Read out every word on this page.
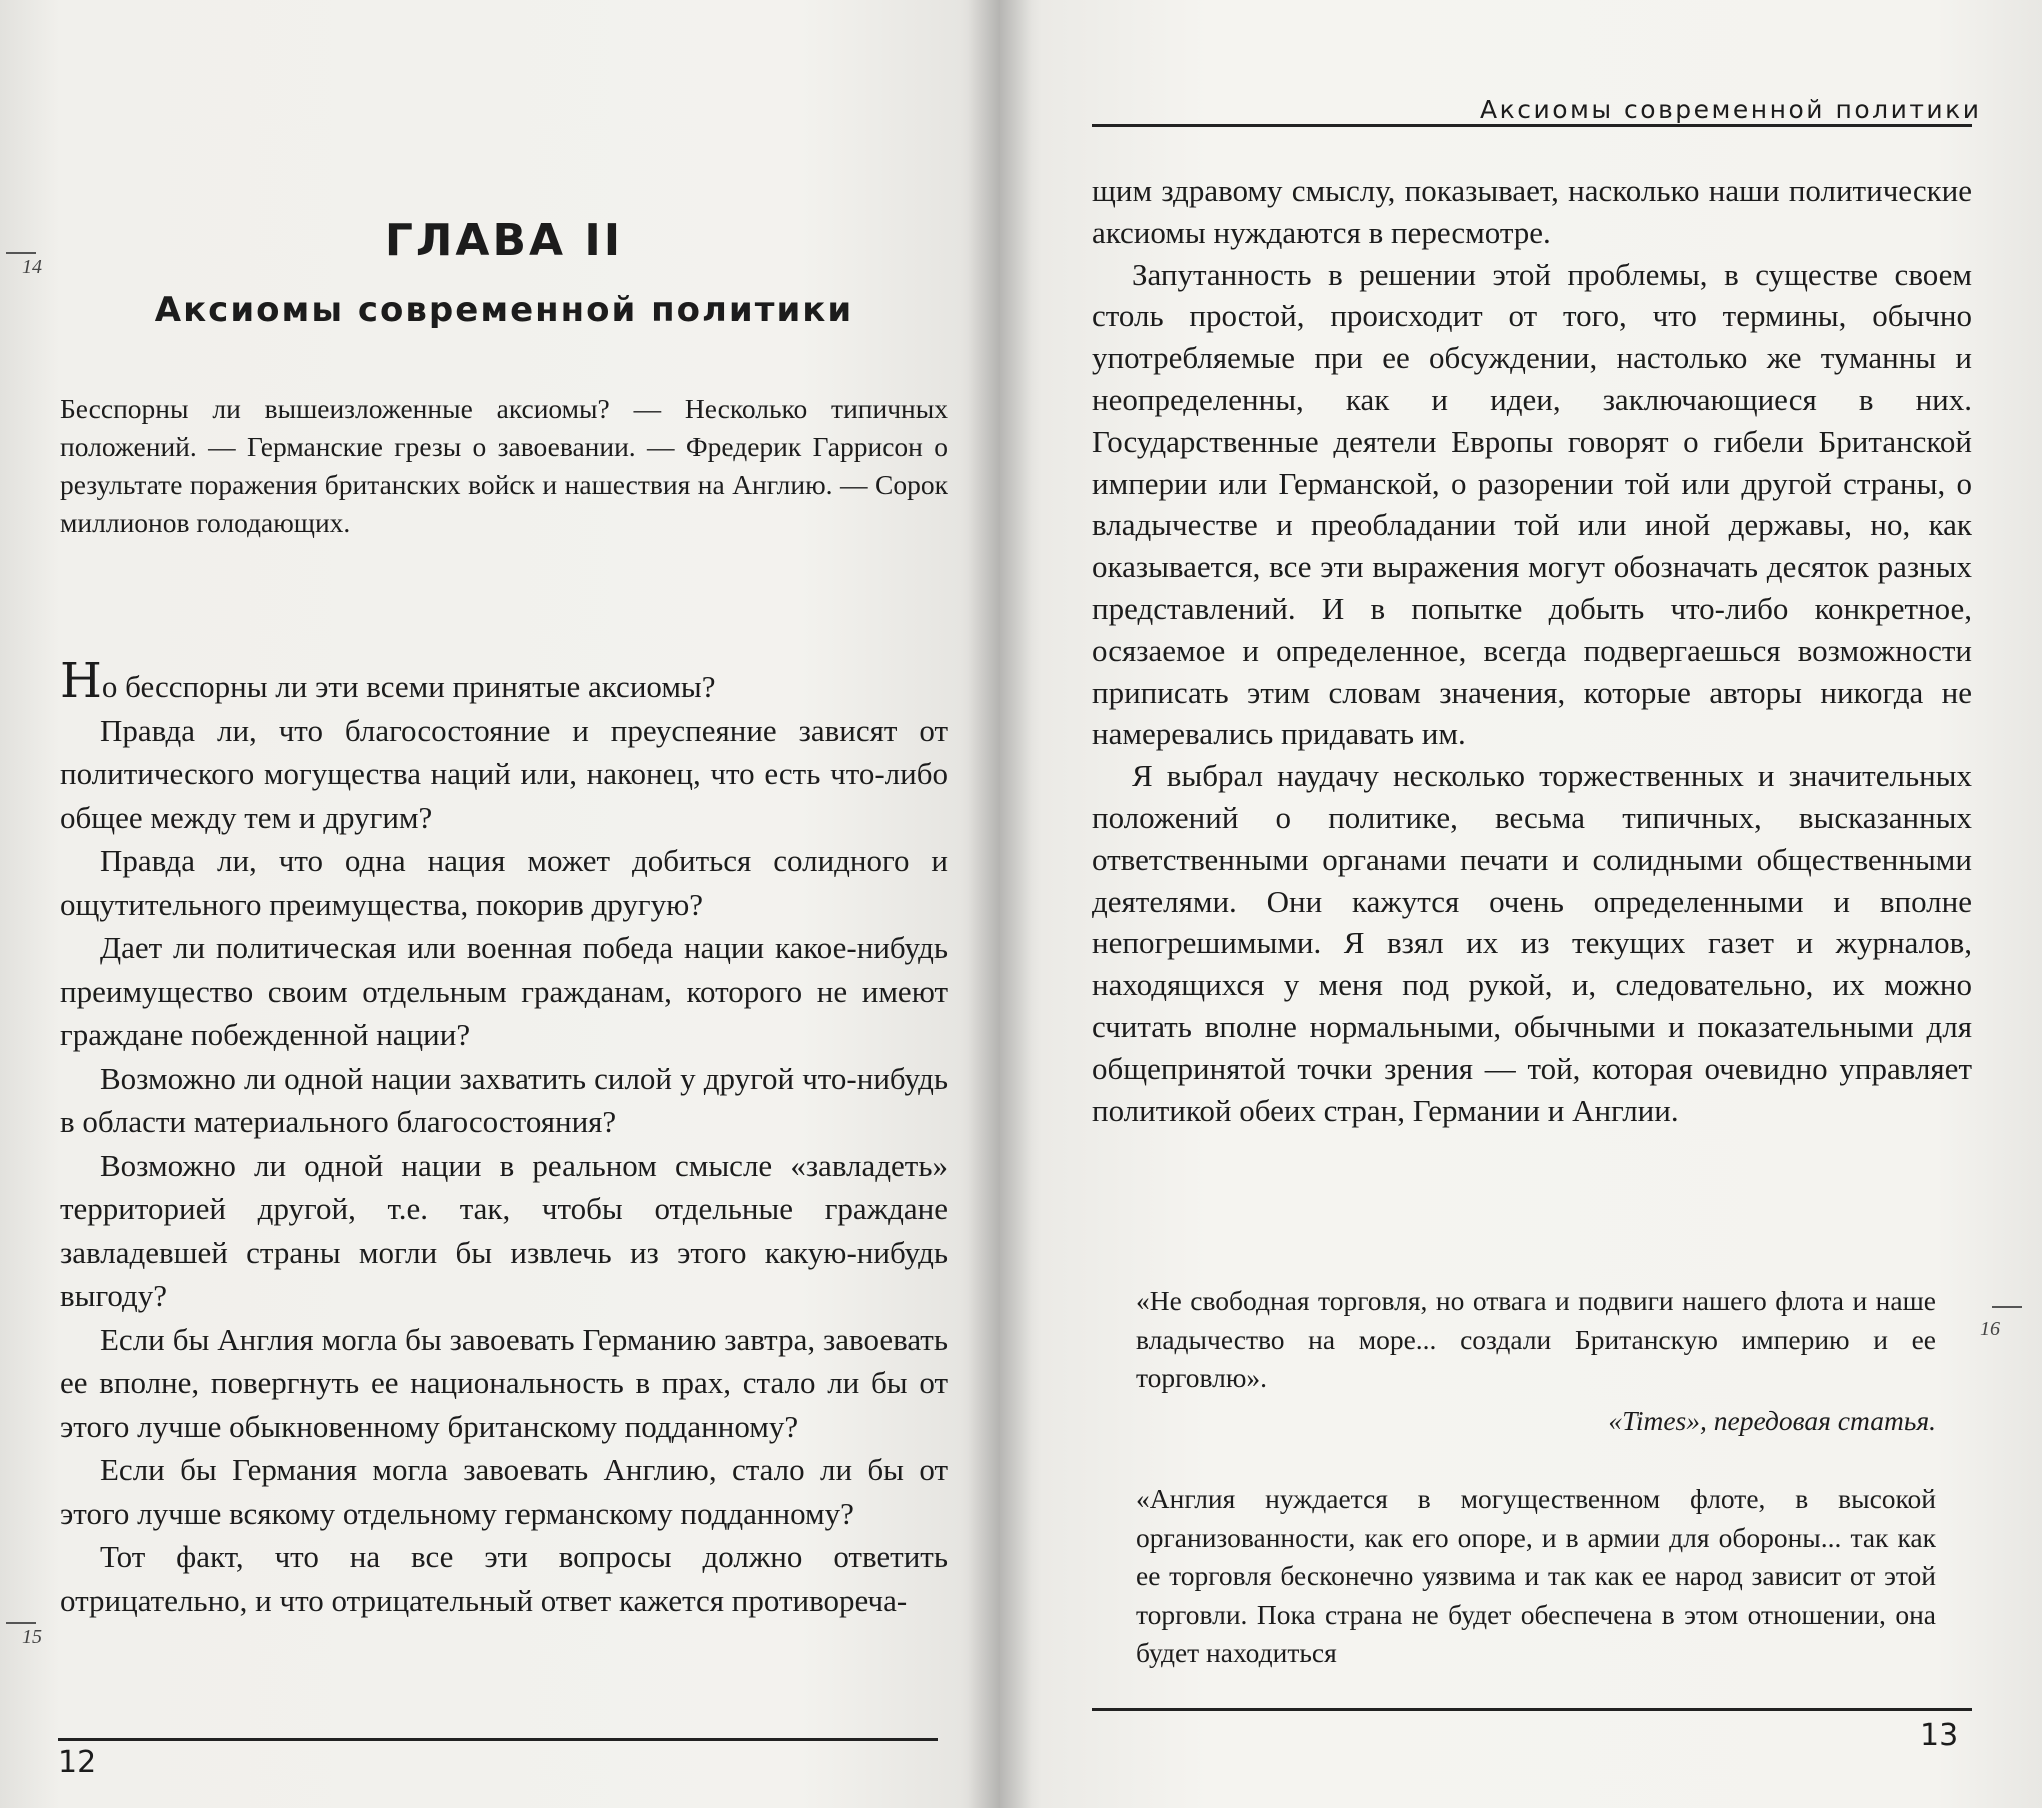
14
ГЛАВА II
Аксиомы современной политики
Бесспорны ли вышеизложенные аксиомы? — Несколько типичных положений. — Германские грезы о завоевании. — Фредерик Гаррисон о результате поражения британских войск и нашествия на Англию. — Сорок миллионов голодающих.

Но бесспорны ли эти всеми принятые аксиомы?

Правда ли, что благосостояние и преуспеяние зависят от политического могущества наций или, наконец, что есть что-либо общее между тем и другим?

Правда ли, что одна нация может добиться солидного и ощутительного преимущества, покорив другую?

Дает ли политическая или военная победа нации какое-нибудь преимущество своим отдельным гражданам, которого не имеют граждане побежденной нации?

Возможно ли одной нации захватить силой у другой что-нибудь в области материального благосостояния?

Возможно ли одной нации в реальном смысле «завладеть» территорией другой, т.е. так, чтобы отдельные граждане завладевшей страны могли бы извлечь из этого какую-нибудь выгоду?

Если бы Англия могла бы завоевать Германию завтра, завоевать ее вполне, повергнуть ее национальность в прах, стало ли бы от этого лучше обыкновенному британскому подданному?

Если бы Германия могла завоевать Англию, стало ли бы от этого лучше всякому отдельному германскому подданному?

Тот факт, что на все эти вопросы должно ответить отрицательно, и что отрицательный ответ кажется противореча-

15
12
Аксиомы современной политики

щим здравому смыслу, показывает, насколько наши политические аксиомы нуждаются в пересмотре.

Запутанность в решении этой проблемы, в существе своем столь простой, происходит от того, что термины, обычно употребляемые при ее обсуждении, настолько же туманны и неопределенны, как и идеи, заключающиеся в них. Государственные деятели Европы говорят о гибели Британской империи или Германской, о разорении той или другой страны, о владычестве и преобладании той или иной державы, но, как оказывается, все эти выражения могут обозначать десяток разных представлений. И в попытке добыть что-либо конкретное, осязаемое и определенное, всегда подвергаешься возможности приписать этим словам значения, которые авторы никогда не намеревались придавать им.

Я выбрал наудачу несколько торжественных и значительных положений о политике, весьма типичных, высказанных ответственными органами печати и солидными общественными деятелями. Они кажутся очень определенными и вполне непогрешимыми. Я взял их из текущих газет и журналов, находящихся у меня под рукой, и, следовательно, их можно считать вполне нормальными, обычными и показательными для общепринятой точки зрения — той, которая очевидно управляет политикой обеих стран, Германии и Англии.

«Не свободная торговля, но отвага и подвиги нашего флота и наше владычество на море... создали Британскую империю и ее торговлю».

«Times», передовая статья.

16

«Англия нуждается в могущественном флоте, в высокой организованности, как его опоре, и в армии для обороны... так как ее торговля бесконечно уязвима и так как ее народ зависит от этой торговли. Пока страна не будет обеспечена в этом отношении, она будет находиться

13
